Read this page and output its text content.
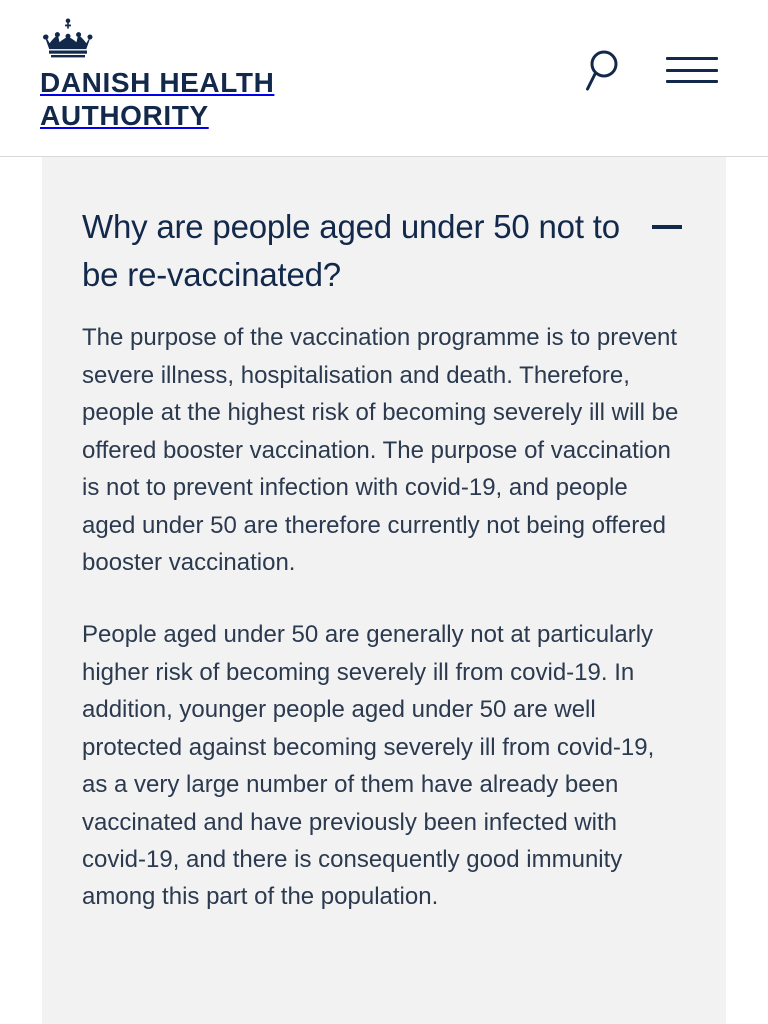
DANISH HEALTH
AUTHORITY
Why are people aged under 50 not to be re-vaccinated?

The purpose of the vaccination programme is to prevent severe illness, hospitalisation and death. Therefore, people at the highest risk of becoming severely ill will be offered booster vaccination. The purpose of vaccination is not to prevent infection with covid-19, and people aged under 50 are therefore currently not being offered booster vaccination.

People aged under 50 are generally not at particularly higher risk of becoming severely ill from covid-19. In addition, younger people aged under 50 are well protected against becoming severely ill from covid-19, as a very large number of them have already been vaccinated and have previously been infected with covid-19, and there is consequently good immunity among this part of the population.
